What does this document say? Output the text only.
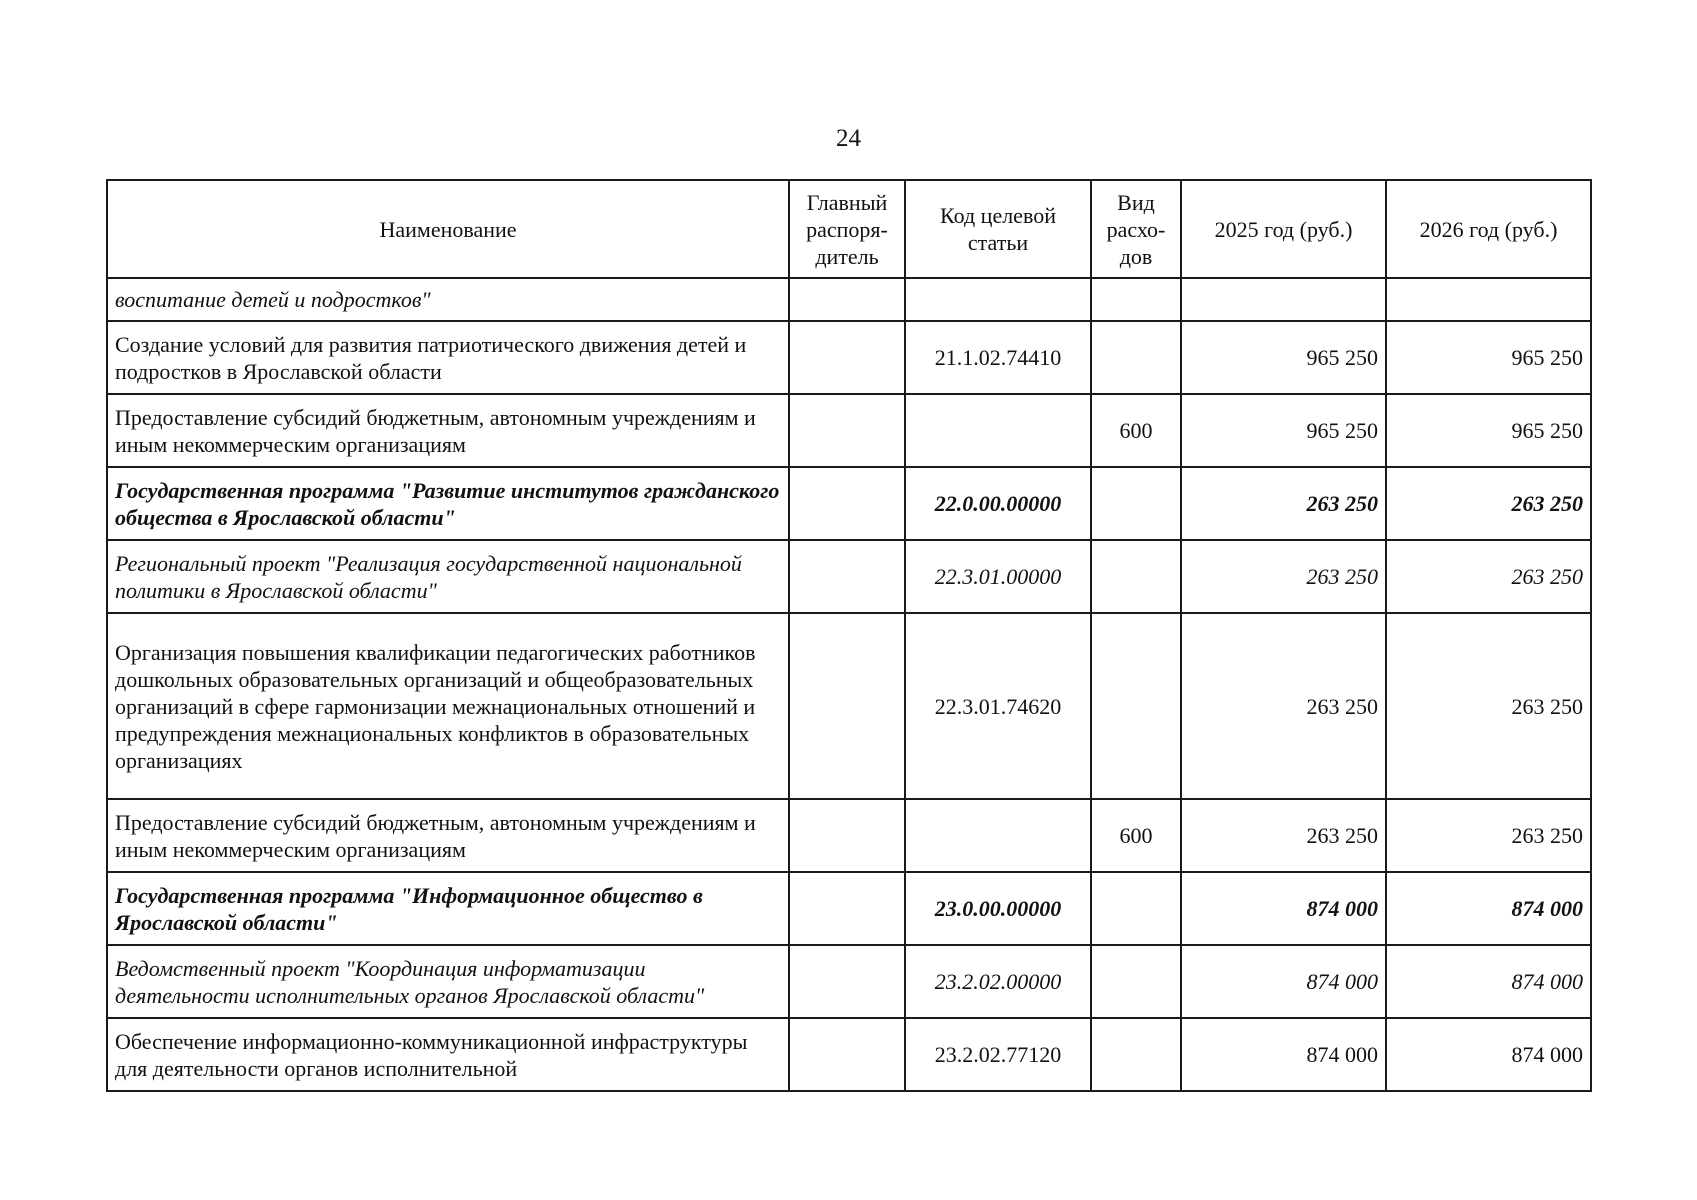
24
Наименование	Главный распоря-дитель	Код целевой статьи	Вид расхо-дов	2025 год (руб.)	2026 год (руб.)
воспитание детей и подростков"					
Создание условий для развития патриотического движения детей и подростков в Ярославской области		21.1.02.74410		965 250	965 250
Предоставление субсидий бюджетным, автономным учреждениям и иным некоммерческим организациям			600	965 250	965 250
Государственная программа "Развитие институтов гражданского общества в Ярославской области"		22.0.00.00000		263 250	263 250
Региональный проект "Реализация государственной национальной политики в Ярославской области"		22.3.01.00000		263 250	263 250
Организация повышения квалификации педагогических работников дошкольных образовательных организаций и общеобразовательных организаций в сфере гармонизации межнациональных отношений и предупреждения межнациональных конфликтов в образовательных организациях		22.3.01.74620		263 250	263 250
Предоставление субсидий бюджетным, автономным учреждениям и иным некоммерческим организациям			600	263 250	263 250
Государственная программа "Информационное общество в Ярославской области"		23.0.00.00000		874 000	874 000
Ведомственный проект "Координация информатизации деятельности исполнительных органов Ярославской области"		23.2.02.00000		874 000	874 000
Обеспечение информационно-коммуникационной инфраструктуры для деятельности органов исполнительной		23.2.02.77120		874 000	874 000
